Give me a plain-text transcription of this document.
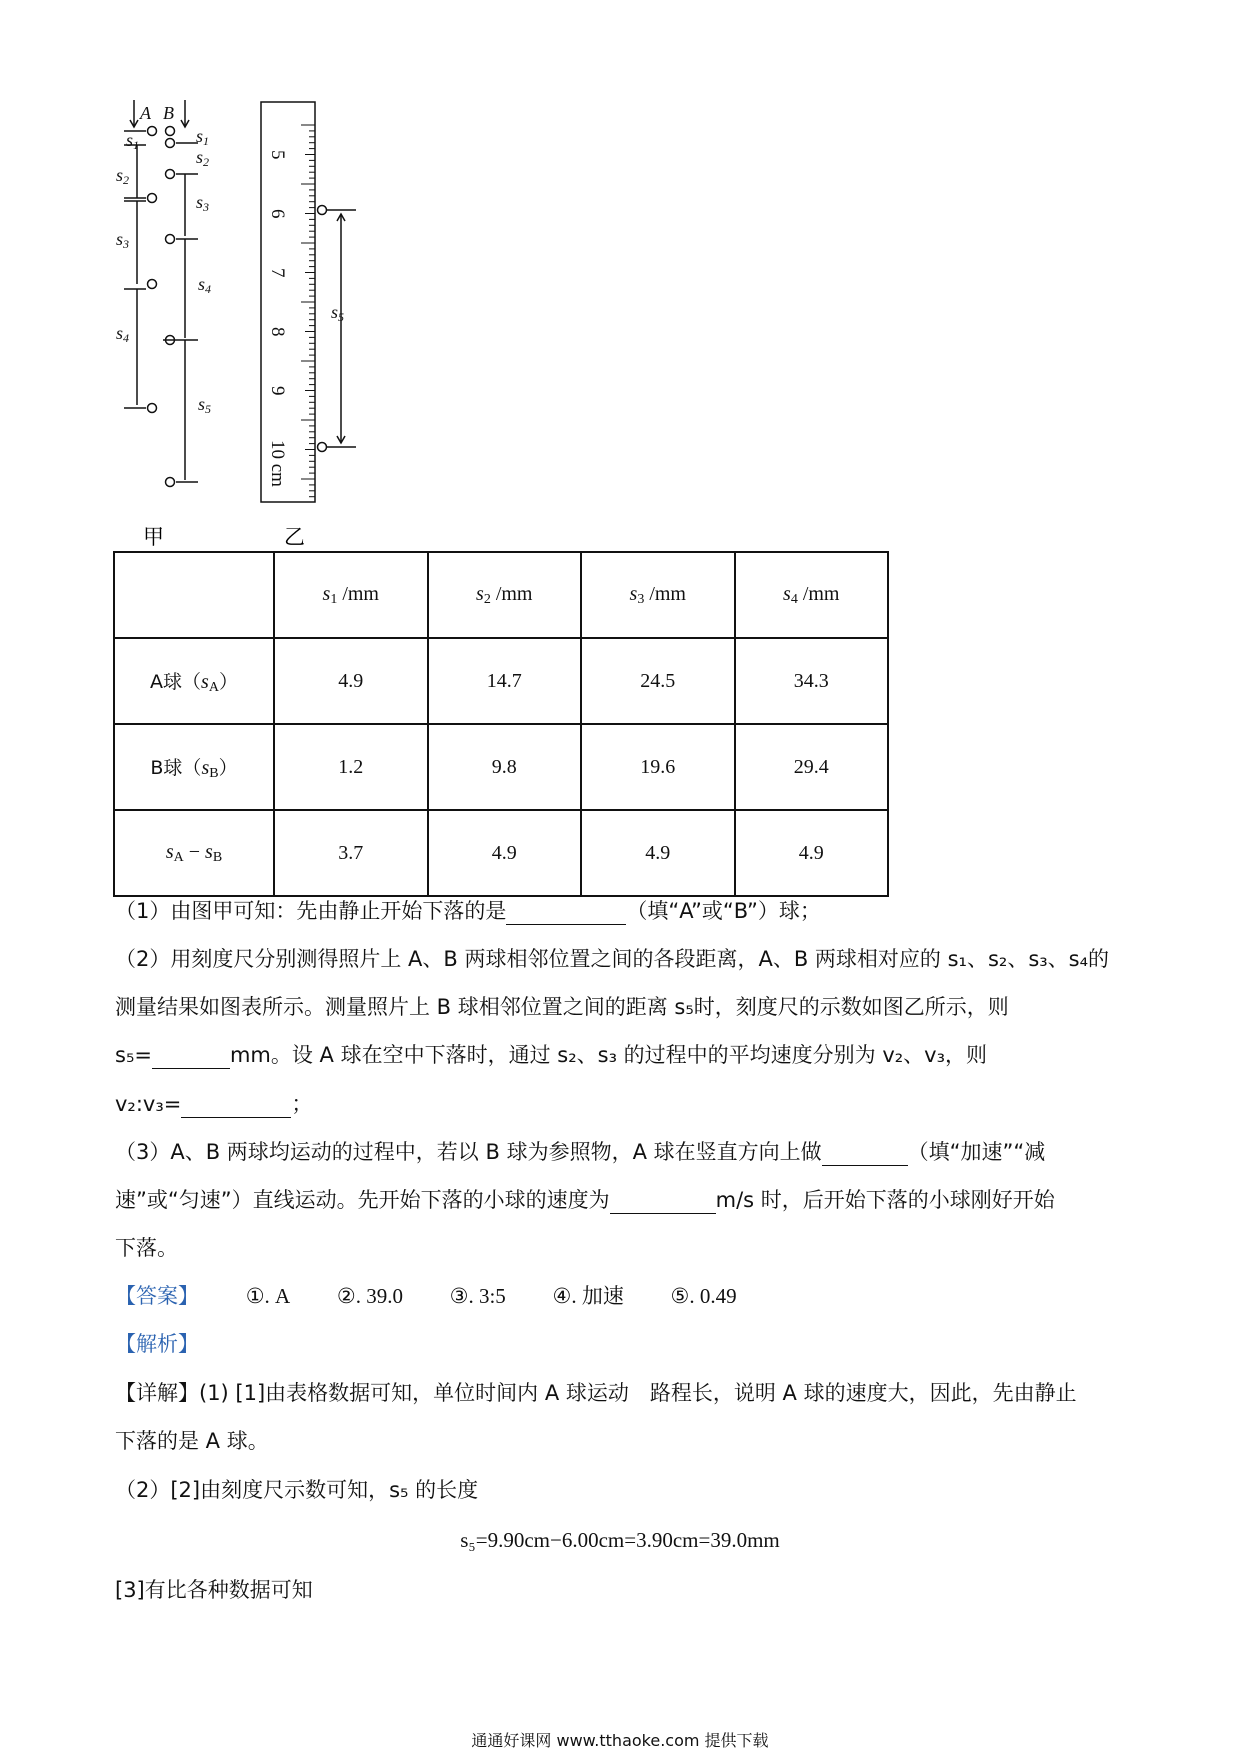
A B
s1
s2
s3
s4
s1
s2
s3
s4
s5
5
6
7
8
9
10 cm
s5
甲	乙
	$s_1$ /mm	$s_2$ /mm	$s_3$ /mm	$s_4$ /mm
A球$(s_A)$	4.9	14.7	24.5	34.3
B球$(s_B)$	1.2	9.8	19.6	29.4
$s_A - s_B$	3.7	4.9	4.9	4.9
（1）由图甲可知：先由静止开始下落的是	（填“A”或“B”）球；
（2）用刻度尺分别测得照片上 A、B 两球相邻位置之间的各段距离，A、B 两球相对应的 s₁、s₂、s₃、s₄的
测量结果如图表所示。测量照片上 B 球相邻位置之间的距离 s₅时，刻度尺的示数如图乙所示，则
s₅=	mm。设 A 球在空中下落时，通过 s₂、s₃ 的过程中的平均速度分别为 v₂、v₃，则
v₂:v₃=	；
（3）A、B 两球均运动的过程中，若以 B 球为参照物，A 球在竖直方向上做	（填“加速”“减
速”或“匀速”）直线运动。先开始下落的小球的速度为	m/s 时，后开始下落的小球刚好开始
下落。
【答案】 ①. A ②. 39.0 ③. 3:5 ④. 加速 ⑤. 0.49
【解析】
【详解】(1) [1]由表格数据可知，单位时间内 A 球运动　路程长，说明 A 球的速度大，因此，先由静止
下落的是 A 球。
（2）[2]由刻度尺示数可知，s₅ 的长度
s₅=9.90cm−6.00cm=3.90cm=39.0mm
[3]有比各种数据可知
通通好课网 www.tthaoke.com 提供下载
